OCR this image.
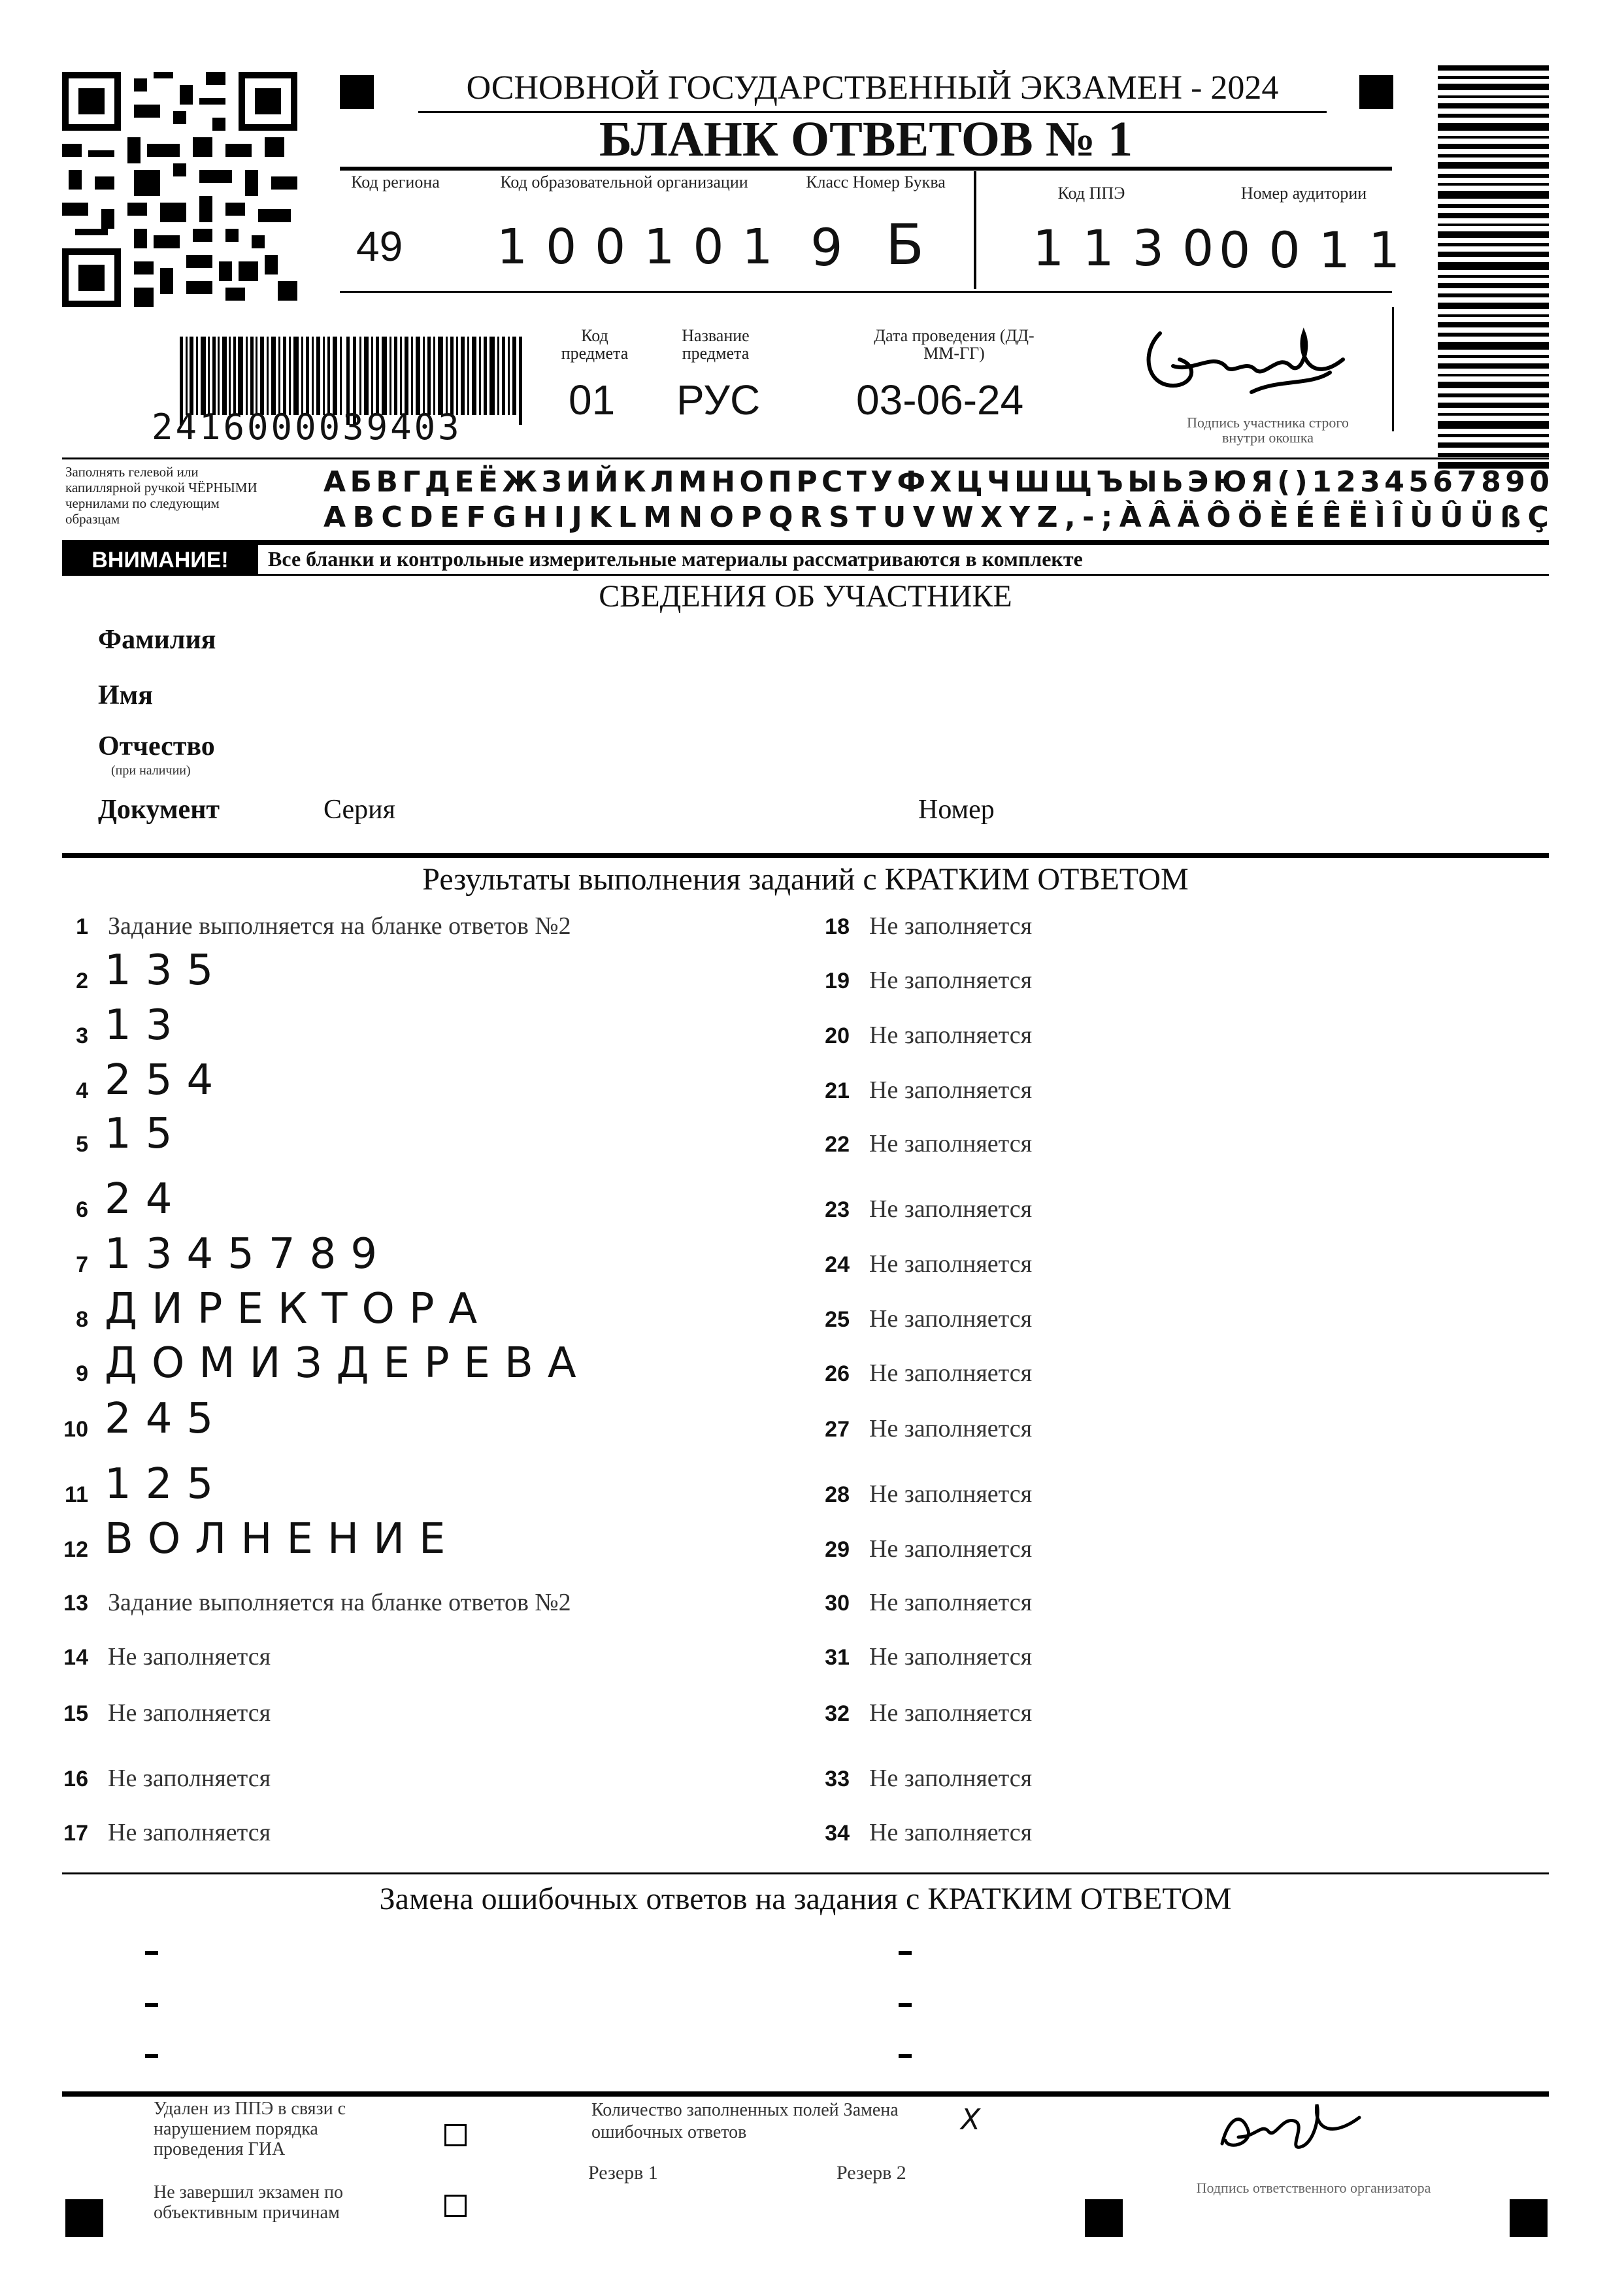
ОСНОВНОЙ ГОСУДАРСТВЕННЫЙ ЭКЗАМЕН - 2024
БЛАНК ОТВЕТОВ № 1
Код региона
49
Код образовательной организации
100101
Класс Номер Буква
9 Б
Код ППЭ
1130
Номер аудитории
0011
2416000039403
Код предмета
01
Название предмета
РУС
Дата проведения (ДД-ММ-ГГ)
03-06-24	Подпись участника строго внутри окошка
Заполнять гелевой или капиллярной ручкой ЧЁРНЫМИ чернилами по следующим образцам
АБВГДЕЁЖЗИЙКЛМНОПРСТУФХЦЧШЩЪЫЬЭЮЯ()1234567890
ABCDEFGHIJKLMNOPQRSTUVWXYZ,-;ÀÂÄÔÖÈÉÊËÌÎÙÛÜßÇ
ВНИМАНИЕ!	Все бланки и контрольные измерительные материалы рассматриваются в комплекте
СВЕДЕНИЯ ОБ УЧАСТНИКЕ
Фамилия
Имя
Отчество
(при наличии)
Документ	Серия	Номер
Результаты выполнения заданий с КРАТКИМ ОТВЕТОМ
1 Задание выполняется на бланке ответов №2
2 135
3 13
4 254
5 15
6 24
7 1345789
8 ДИРЕКТОРА
9 ДОМИЗДЕРЕВА
10 245
11 125
12 ВОЛНЕНИЕ
13 Задание выполняется на бланке ответов №2
14 Не заполняется
15 Не заполняется
16 Не заполняется
17 Не заполняется
18 Не заполняется
19 Не заполняется
20 Не заполняется
21 Не заполняется
22 Не заполняется
23 Не заполняется
24 Не заполняется
25 Не заполняется
26 Не заполняется
27 Не заполняется
28 Не заполняется
29 Не заполняется
30 Не заполняется
31 Не заполняется
32 Не заполняется
33 Не заполняется
34 Не заполняется
Замена ошибочных ответов на задания с КРАТКИМ ОТВЕТОМ
Удален из ППЭ в связи с нарушением порядка проведения ГИА
Не завершил экзамен по объективным причинам
Количество заполненных полей Замена ошибочных ответов	X
Резерв 1	Резерв 2
Подпись ответственного организатора
